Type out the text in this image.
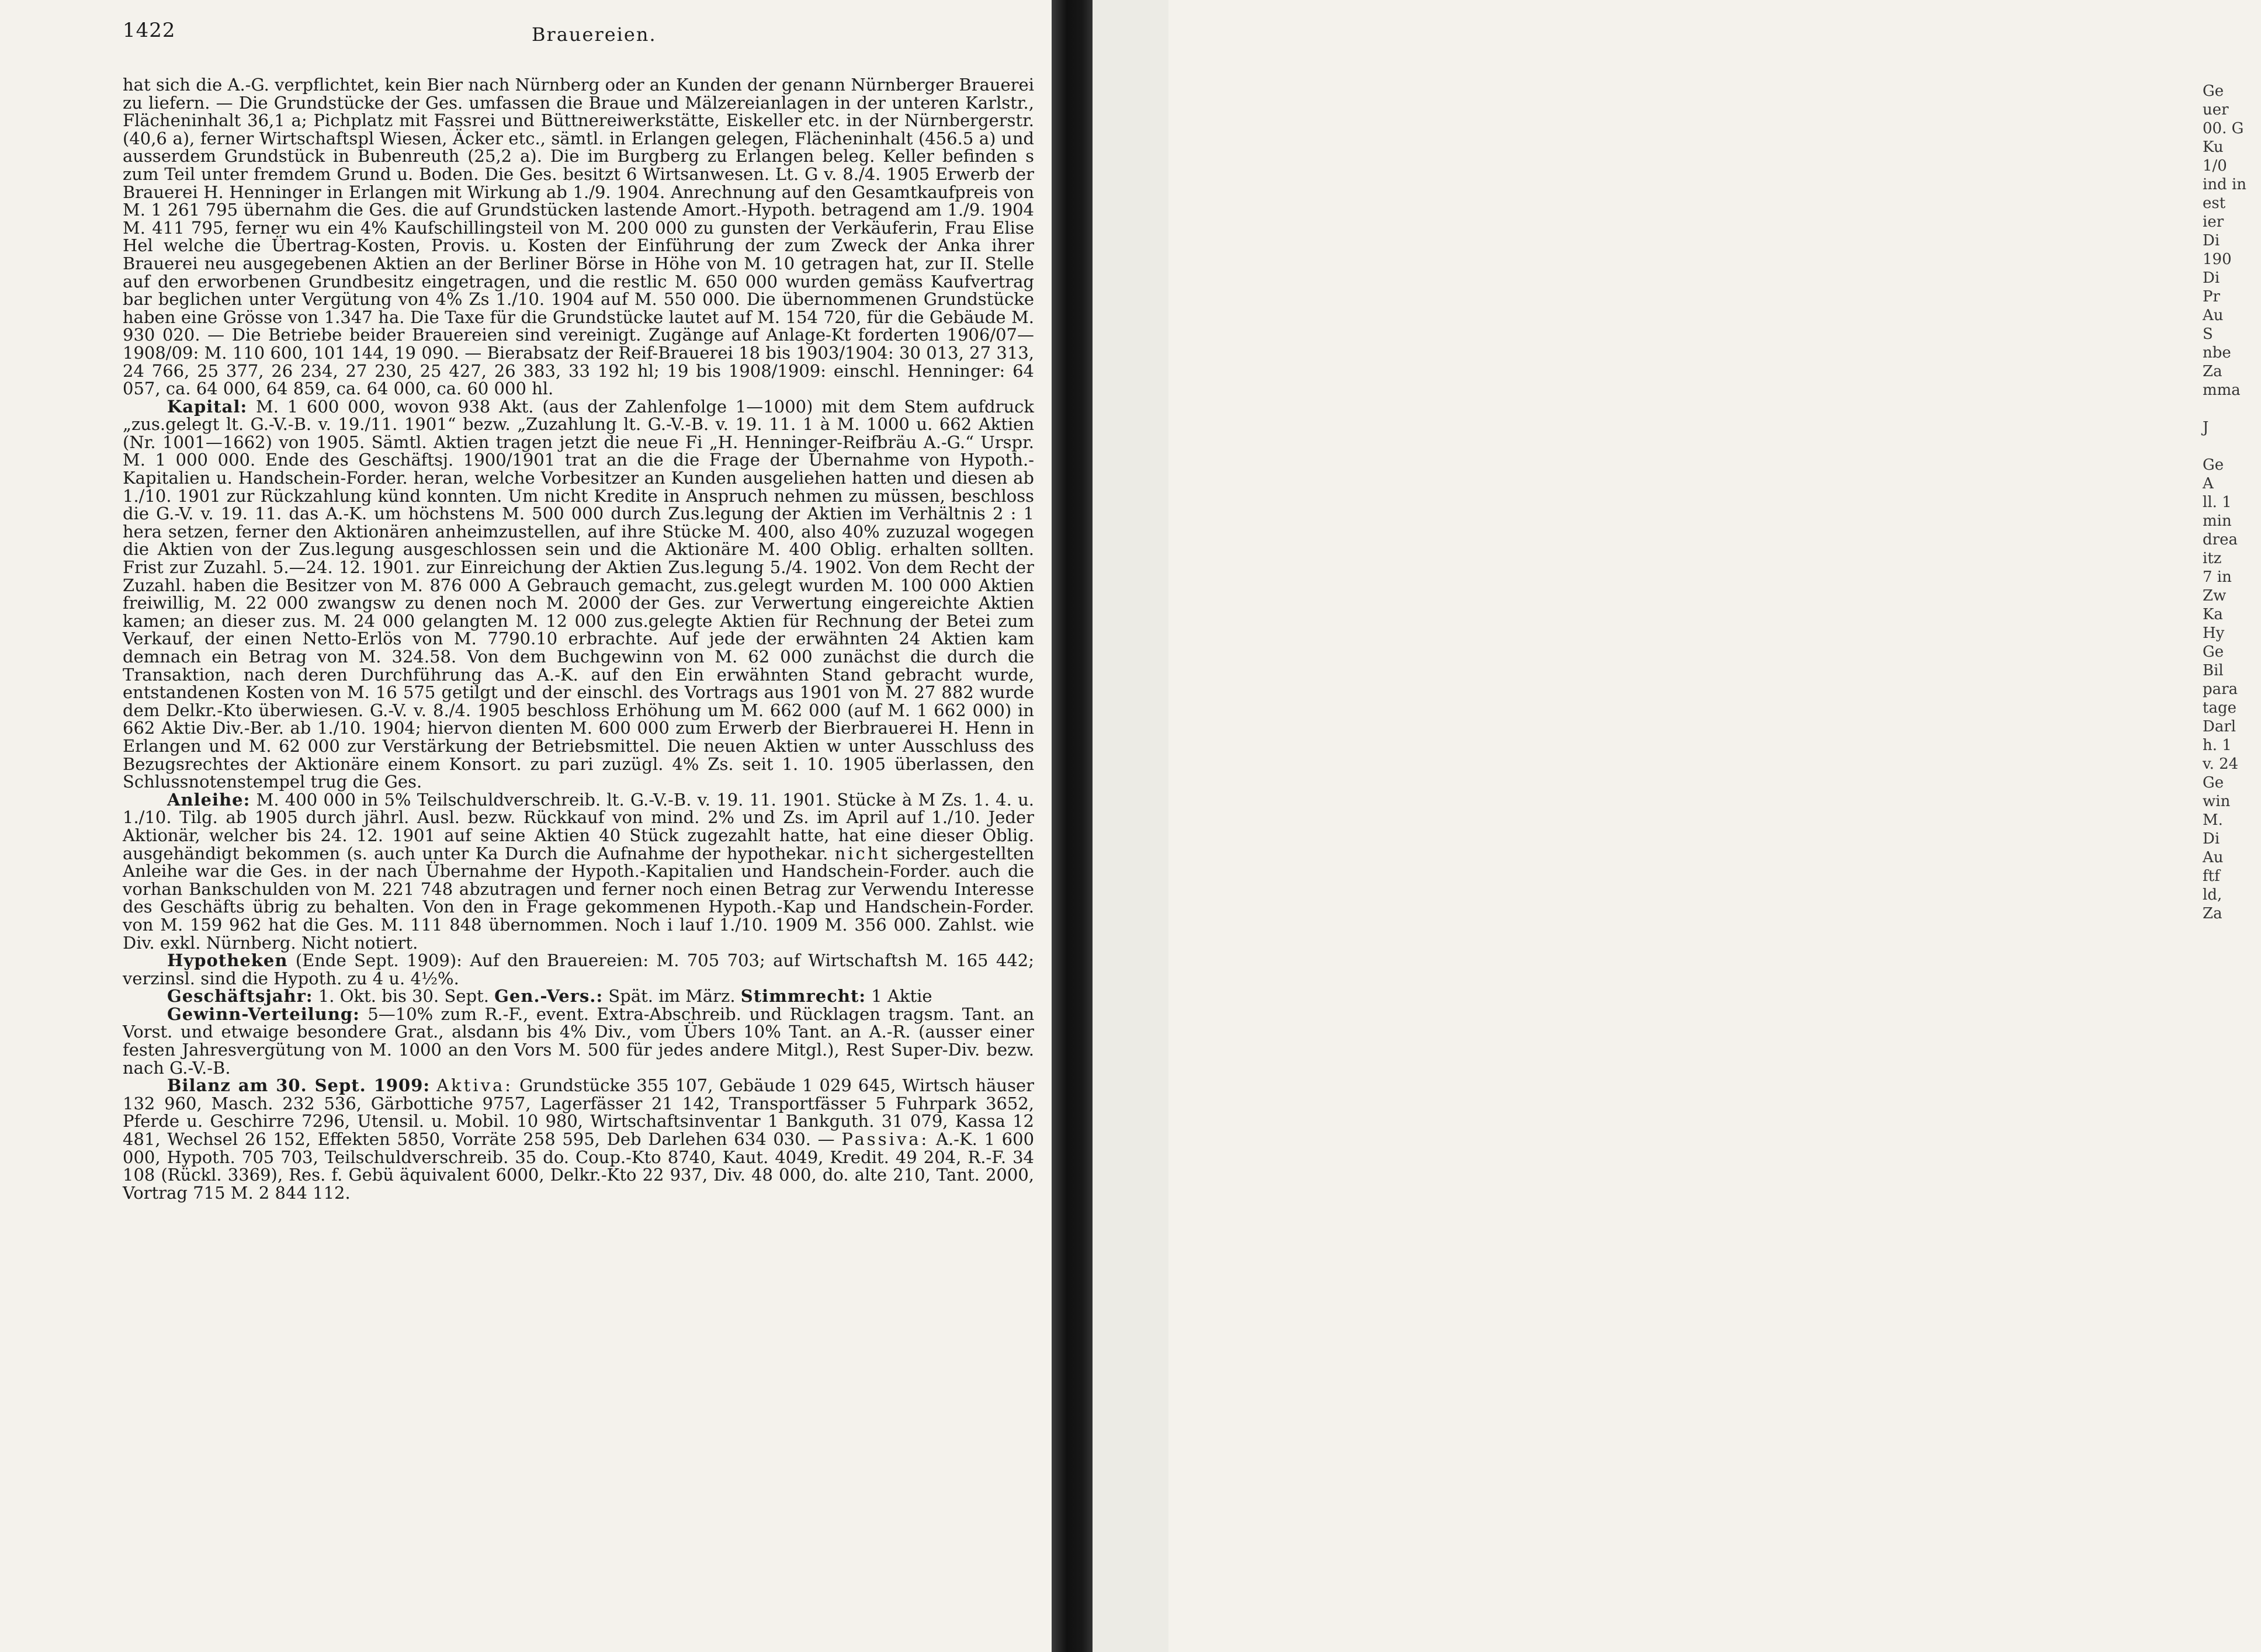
1422	Brauereien.

hat sich die A.-G. verpflichtet, kein Bier nach Nürnberg oder an Kunden der genann Nürnberger Brauerei zu liefern. — Die Grundstücke der Ges. umfassen die Braue und Mälzereianlagen in der unteren Karlstr., Flächeninhalt 36,1 a; Pichplatz mit Fassrei und Büttnereiwerkstätte, Eiskeller etc. in der Nürnbergerstr. (40,6 a), ferner Wirtschaftspl Wiesen, Äcker etc., sämtl. in Erlangen gelegen, Flächeninhalt (456.5 a) und ausserdem Grundstück in Bubenreuth (25,2 a). Die im Burgberg zu Erlangen beleg. Keller befinden s zum Teil unter fremdem Grund u. Boden. Die Ges. besitzt 6 Wirtsanwesen. Lt. G v. 8./4. 1905 Erwerb der Brauerei H. Henninger in Erlangen mit Wirkung ab 1./9. 1904. Anrechnung auf den Gesamtkaufpreis von M. 1 261 795 übernahm die Ges. die auf Grundstücken lastende Amort.-Hypoth. betragend am 1./9. 1904 M. 411 795, ferner wu ein 4% Kaufschillingsteil von M. 200 000 zu gunsten der Verkäuferin, Frau Elise Hel welche die Übertrag-Kosten, Provis. u. Kosten der Einführung der zum Zweck der Anka ihrer Brauerei neu ausgegebenen Aktien an der Berliner Börse in Höhe von M. 10 getragen hat, zur II. Stelle auf den erworbenen Grundbesitz eingetragen, und die restlic M. 650 000 wurden gemäss Kaufvertrag bar beglichen unter Vergütung von 4% Zs 1./10. 1904 auf M. 550 000. Die übernommenen Grundstücke haben eine Grösse von 1.347 ha. Die Taxe für die Grundstücke lautet auf M. 154 720, für die Gebäude M. 930 020. — Die Betriebe beider Brauereien sind vereinigt. Zugänge auf Anlage-Kt forderten 1906/07—1908/09: M. 110 600, 101 144, 19 090. — Bierabsatz der Reif-Brauerei 18 bis 1903/1904: 30 013, 27 313, 24 766, 25 377, 26 234, 27 230, 25 427, 26 383, 33 192 hl; 19 bis 1908/1909: einschl. Henninger: 64 057, ca. 64 000, 64 859, ca. 64 000, ca. 60 000 hl.

Kapital: M. 1 600 000, wovon 938 Akt. (aus der Zahlenfolge 1—1000) mit dem Stem aufdruck „zus.gelegt lt. G.-V.-B. v. 19./11. 1901“ bezw. „Zuzahlung lt. G.-V.-B. v. 19. 11. 1 à M. 1000 u. 662 Aktien (Nr. 1001—1662) von 1905. Sämtl. Aktien tragen jetzt die neue Fi „H. Henninger-Reifbräu A.-G.“ Urspr. M. 1 000 000. Ende des Geschäftsj. 1900/1901 trat an die die Frage der Übernahme von Hypoth.-Kapitalien u. Handschein-Forder. heran, welche Vorbesitzer an Kunden ausgeliehen hatten und diesen ab 1./10. 1901 zur Rückzahlung künd konnten. Um nicht Kredite in Anspruch nehmen zu müssen, beschloss die G.-V. v. 19. 11. das A.-K. um höchstens M. 500 000 durch Zus.legung der Aktien im Verhältnis 2 : 1 hera setzen, ferner den Aktionären anheimzustellen, auf ihre Stücke M. 400, also 40% zuzuzal wogegen die Aktien von der Zus.legung ausgeschlossen sein und die Aktionäre M. 400 Oblig. erhalten sollten. Frist zur Zuzahl. 5.—24. 12. 1901. zur Einreichung der Aktien Zus.legung 5./4. 1902. Von dem Recht der Zuzahl. haben die Besitzer von M. 876 000 A Gebrauch gemacht, zus.gelegt wurden M. 100 000 Aktien freiwillig, M. 22 000 zwangsw zu denen noch M. 2000 der Ges. zur Verwertung eingereichte Aktien kamen; an dieser zus. M. 24 000 gelangten M. 12 000 zus.gelegte Aktien für Rechnung der Betei zum Verkauf, der einen Netto-Erlös von M. 7790.10 erbrachte. Auf jede der erwähnten 24 Aktien kam demnach ein Betrag von M. 324.58. Von dem Buchgewinn von M. 62 000 zunächst die durch die Transaktion, nach deren Durchführung das A.-K. auf den Ein erwähnten Stand gebracht wurde, entstandenen Kosten von M. 16 575 getilgt und der einschl. des Vortrags aus 1901 von M. 27 882 wurde dem Delkr.-Kto überwiesen. G.-V. v. 8./4. 1905 beschloss Erhöhung um M. 662 000 (auf M. 1 662 000) in 662 Aktie Div.-Ber. ab 1./10. 1904; hiervon dienten M. 600 000 zum Erwerb der Bierbrauerei H. Henn in Erlangen und M. 62 000 zur Verstärkung der Betriebsmittel. Die neuen Aktien w unter Ausschluss des Bezugsrechtes der Aktionäre einem Konsort. zu pari zuzügl. 4% Zs. seit 1. 10. 1905 überlassen, den Schlussnotenstempel trug die Ges.

Anleihe: M. 400 000 in 5% Teilschuldverschreib. lt. G.-V.-B. v. 19. 11. 1901. Stücke à M Zs. 1. 4. u. 1./10. Tilg. ab 1905 durch jährl. Ausl. bezw. Rückkauf von mind. 2% und Zs. im April auf 1./10. Jeder Aktionär, welcher bis 24. 12. 1901 auf seine Aktien 40 Stück zugezahlt hatte, hat eine dieser Oblig. ausgehändigt bekommen (s. auch unter Ka Durch die Aufnahme der hypothekar. nicht sichergestellten Anleihe war die Ges. in der nach Übernahme der Hypoth.-Kapitalien und Handschein-Forder. auch die vorhan Bankschulden von M. 221 748 abzutragen und ferner noch einen Betrag zur Verwendu Interesse des Geschäfts übrig zu behalten. Von den in Frage gekommenen Hypoth.-Kap und Handschein-Forder. von M. 159 962 hat die Ges. M. 111 848 übernommen. Noch i lauf 1./10. 1909 M. 356 000. Zahlst. wie Div. exkl. Nürnberg. Nicht notiert.

Hypotheken (Ende Sept. 1909): Auf den Brauereien: M. 705 703; auf Wirtschaftsh M. 165 442; verzinsl. sind die Hypoth. zu 4 u. 4½%.

Geschäftsjahr: 1. Okt. bis 30. Sept. Gen.-Vers.: Spät. im März. Stimmrecht: 1 Aktie

Gewinn-Verteilung: 5—10% zum R.-F., event. Extra-Abschreib. und Rücklagen tragsm. Tant. an Vorst. und etwaige besondere Grat., alsdann bis 4% Div., vom Übers 10% Tant. an A.-R. (ausser einer festen Jahresvergütung von M. 1000 an den Vors M. 500 für jedes andere Mitgl.), Rest Super-Div. bezw. nach G.-V.-B.

Bilanz am 30. Sept. 1909: Aktiva: Grundstücke 355 107, Gebäude 1 029 645, Wirtsch häuser 132 960, Masch. 232 536, Gärbottiche 9757, Lagerfässer 21 142, Transportfässer 5 Fuhrpark 3652, Pferde u. Geschirre 7296, Utensil. u. Mobil. 10 980, Wirtschaftsinventar 1 Bankguth. 31 079, Kassa 12 481, Wechsel 26 152, Effekten 5850, Vorräte 258 595, Deb Darlehen 634 030. — Passiva: A.-K. 1 600 000, Hypoth. 705 703, Teilschuldverschreib. 35 do. Coup.-Kto 8740, Kaut. 4049, Kredit. 49 204, R.-F. 34 108 (Rückl. 3369), Res. f. Gebü äquivalent 6000, Delkr.-Kto 22 937, Div. 48 000, do. alte 210, Tant. 2000, Vortrag 715 M. 2 844 112.

Ge
uer
00. G
Ku
1/0
ind in
est
ier
Di
190
Di
Pr
Au
S
nbe
Za
mma

J

Ge
A
ll. 1
min
drea
itz
7 in
Zw
Ka
Hy
Ge
Bil
para
tage
Darl
h. 1
v. 24
Ge
win
M.
Di
Au
ftf
ld,
Za
